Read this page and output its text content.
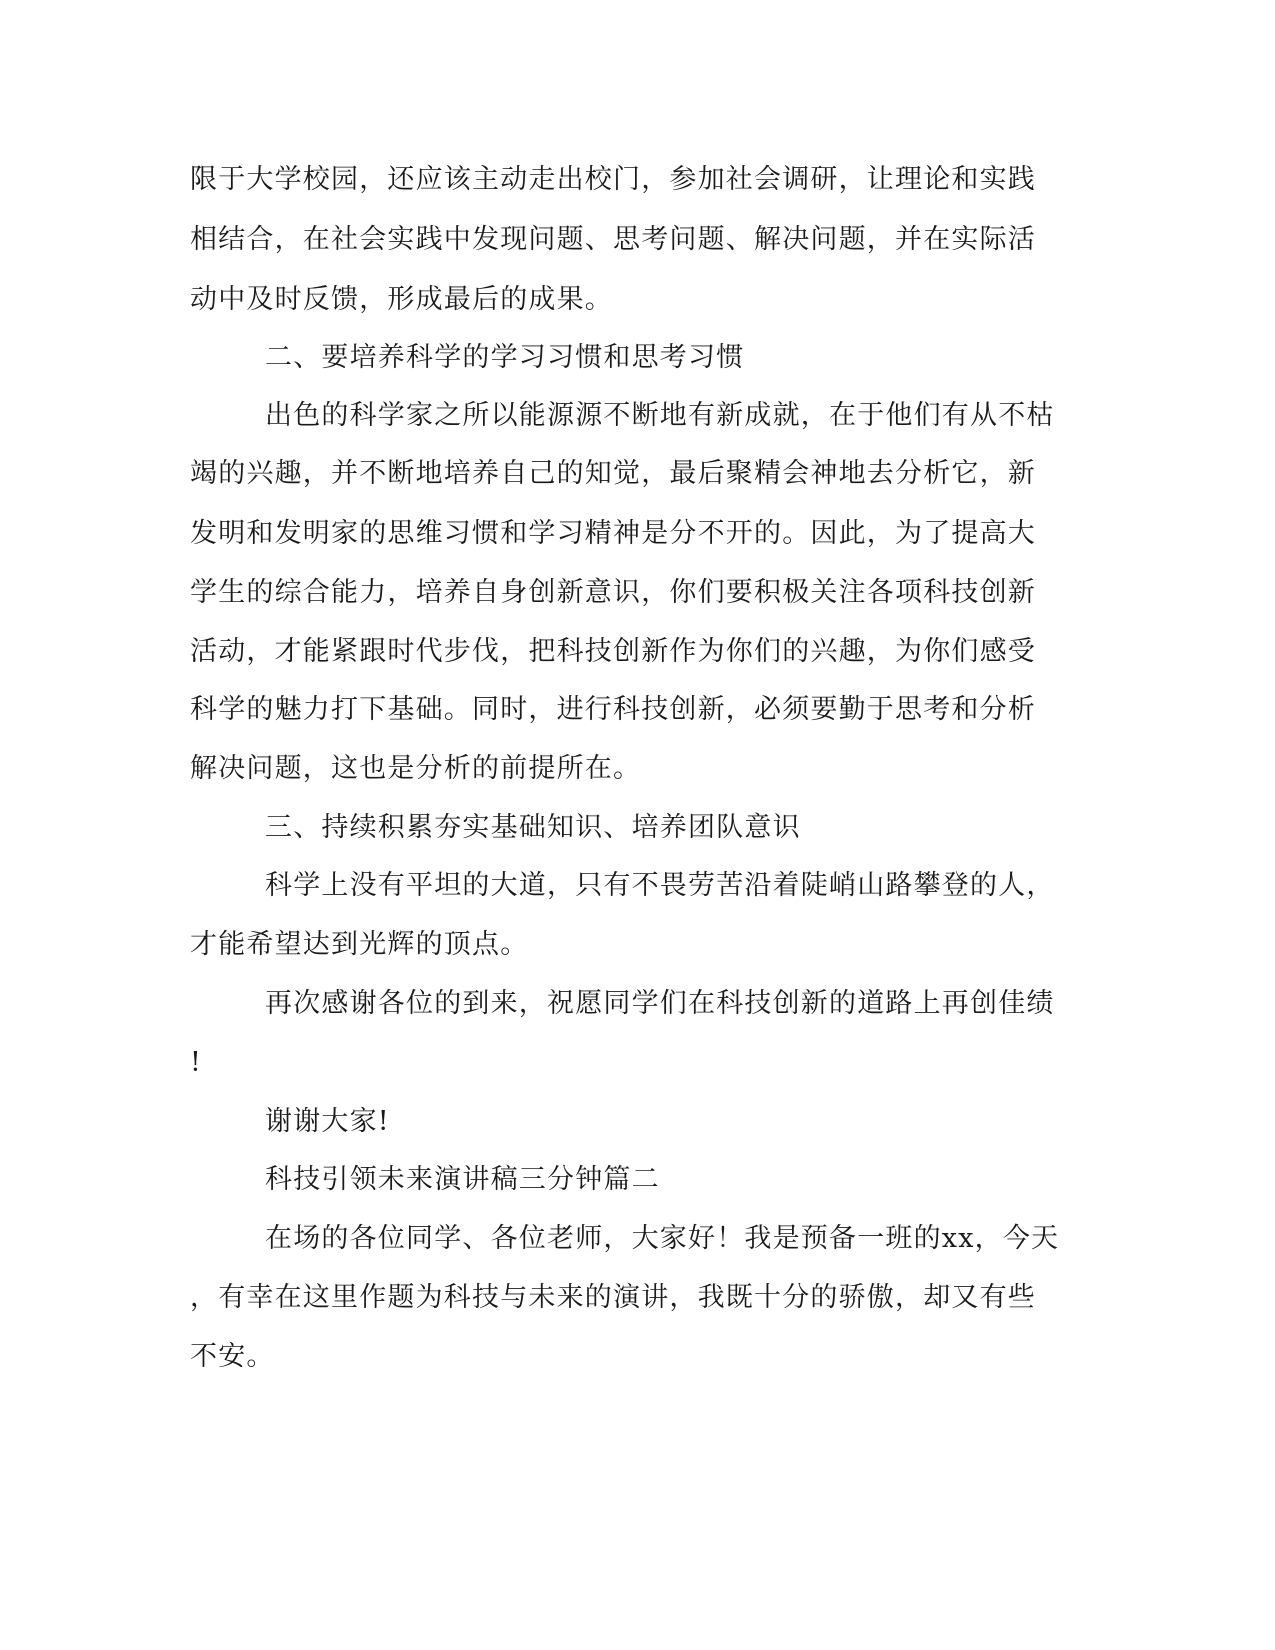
限于大学校园，还应该主动走出校门，参加社会调研，让理论和实践
相结合，在社会实践中发现问题、思考问题、解决问题，并在实际活
动中及时反馈，形成最后的成果。
二、要培养科学的学习习惯和思考习惯
出色的科学家之所以能源源不断地有新成就，在于他们有从不枯
竭的兴趣，并不断地培养自己的知觉，最后聚精会神地去分析它，新
发明和发明家的思维习惯和学习精神是分不开的。因此，为了提高大
学生的综合能力，培养自身创新意识，你们要积极关注各项科技创新
活动，才能紧跟时代步伐，把科技创新作为你们的兴趣，为你们感受
科学的魅力打下基础。同时，进行科技创新，必须要勤于思考和分析
解决问题，这也是分析的前提所在。
三、持续积累夯实基础知识、培养团队意识
科学上没有平坦的大道，只有不畏劳苦沿着陡峭山路攀登的人，
才能希望达到光辉的顶点。
再次感谢各位的到来，祝愿同学们在科技创新的道路上再创佳绩
!
谢谢大家!
科技引领未来演讲稿三分钟篇二
在场的各位同学、各位老师，大家好！我是预备一班的xx，今天
，有幸在这里作题为科技与未来的演讲，我既十分的骄傲，却又有些
不安。
